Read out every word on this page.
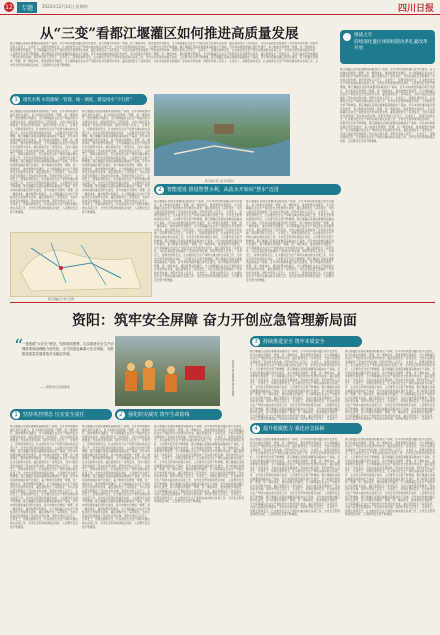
12	专题	2023年12月14日 星期四	四川日报
从“三变”看都江堰灌区如何推进高质量发展
都江堰灌区是国家重要商品粮油生产基地，近年来持续推进灌区现代化建设，着力构建水资源统一管理、统一调度体系，推进智慧水利建设，全力保障灌区农业生产和经济社会发展用水需求，灌区面貌发生了深刻变化，为四川高质量发展提供了坚实的水利支撑。资阳市坚持人民至上、生命至上，统筹发展和安全，扎实推进安全生产和防灾减灾救灾各项工作，全市安全形势持续稳定向好，人民群众安全感不断增强。都江堰灌区是国家重要商品粮油生产基地，近年来持续推进灌区现代化建设，着力构建水资源统一管理、统一调度体系，推进智慧水利建设，全力保障灌区农业生产和经济社会发展用水需求，灌区面貌发生了深刻变化，为四川高质量发展提供了坚实的水利支撑。资阳市坚持人民至上、生命至上，统筹发展和安全，扎实推进安全生产和防灾减灾救灾各项工作，全市安全形势持续稳定向好，人民群众安全感不断增强。都江堰灌区是国家重要商品粮油生产基地，近年来持续推进灌区现代化建设，着力构建水资源统一管理、统一调度体系，推进智慧水利建设，全力保障灌区农业生产和经济社会发展用水需求，灌区面貌发生了深刻变化，为四川高质量发展提供了坚实的水利支撑。资阳市坚持人民至上、生命至上，统筹发展和安全，扎实推进安全生产和防灾减灾救灾各项工作，全市安全形势持续稳定向好，人民群众安全感不断增强。都江堰灌区是国家重要商品粮油生产基地，近年来持续推进灌区现代化建设，着力构建水资源统一管理、统一调度体系，推进智慧水利建设，全力保障灌区农业生产和经济社会发展用水需求，灌区面貌发生了深刻变化，为四川高质量发展提供了坚实的水利支撑。资阳市坚持人民至上、生命至上，统筹发展和安全，扎实推进安全生产和防灾减灾救灾各项工作，全市安全形势持续稳定向好，人民群众安全感不断增强。
挑战之年
持续深化灌区体制机制改革扎紧改革开放
1	现代水利 水资源统一管理、统一调度、建设用水“不打折”
都江堰灌区是国家重要商品粮油生产基地，近年来持续推进灌区现代化建设，着力构建水资源统一管理、统一调度体系，推进智慧水利建设，全力保障灌区农业生产和经济社会发展用水需求，灌区面貌发生了深刻变化，为四川高质量发展提供了坚实的水利支撑。资阳市坚持人民至上、生命至上，统筹发展和安全，扎实推进安全生产和防灾减灾救灾各项工作，全市安全形势持续稳定向好，人民群众安全感不断增强。都江堰灌区是国家重要商品粮油生产基地，近年来持续推进灌区现代化建设，着力构建水资源统一管理、统一调度体系，推进智慧水利建设，全力保障灌区农业生产和经济社会发展用水需求，灌区面貌发生了深刻变化，为四川高质量发展提供了坚实的水利支撑。资阳市坚持人民至上、生命至上，统筹发展和安全，扎实推进安全生产和防灾减灾救灾各项工作，全市安全形势持续稳定向好，人民群众安全感不断增强。都江堰灌区是国家重要商品粮油生产基地，近年来持续推进灌区现代化建设，着力构建水资源统一管理、统一调度体系，推进智慧水利建设，全力保障灌区农业生产和经济社会发展用水需求，灌区面貌发生了深刻变化，为四川高质量发展提供了坚实的水利支撑。资阳市坚持人民至上、生命至上，统筹发展和安全，扎实推进安全生产和防灾减灾救灾各项工作，全市安全形势持续稳定向好，人民群众安全感不断增强。都江堰灌区是国家重要商品粮油生产基地，近年来持续推进灌区现代化建设，着力构建水资源统一管理、统一调度体系，推进智慧水利建设，全力保障灌区农业生产和经济社会发展用水需求，灌区面貌发生了深刻变化，为四川高质量发展提供了坚实的水利支撑。资阳市坚持人民至上、生命至上，统筹发展和安全，扎实推进安全生产和防灾减灾救灾各项工作，全市安全形势持续稳定向好，人民群众安全感不断增强。
都江堰灌区是国家重要商品粮油生产基地，近年来持续推进灌区现代化建设，着力构建水资源统一管理、统一调度体系，推进智慧水利建设，全力保障灌区农业生产和经济社会发展用水需求，灌区面貌发生了深刻变化，为四川高质量发展提供了坚实的水利支撑。资阳市坚持人民至上、生命至上，统筹发展和安全，扎实推进安全生产和防灾减灾救灾各项工作，全市安全形势持续稳定向好，人民群众安全感不断增强。都江堰灌区是国家重要商品粮油生产基地，近年来持续推进灌区现代化建设，着力构建水资源统一管理、统一调度体系，推进智慧水利建设，全力保障灌区农业生产和经济社会发展用水需求，灌区面貌发生了深刻变化，为四川高质量发展提供了坚实的水利支撑。资阳市坚持人民至上、生命至上，统筹发展和安全，扎实推进安全生产和防灾减灾救灾各项工作，全市安全形势持续稳定向好，人民群众安全感不断增强。都江堰灌区是国家重要商品粮油生产基地，近年来持续推进灌区现代化建设，着力构建水资源统一管理、统一调度体系，推进智慧水利建设，全力保障灌区农业生产和经济社会发展用水需求，灌区面貌发生了深刻变化，为四川高质量发展提供了坚实的水利支撑。资阳市坚持人民至上、生命至上，统筹发展和安全，扎实推进安全生产和防灾减灾救灾各项工作，全市安全形势持续稳定向好，人民群众安全感不断增强。都江堰灌区是国家重要商品粮油生产基地，近年来持续推进灌区现代化建设，着力构建水资源统一管理、统一调度体系，推进智慧水利建设，全力保障灌区农业生产和经济社会发展用水需求，灌区面貌发生了深刻变化，为四川高质量发展提供了坚实的水利支撑。资阳市坚持人民至上、生命至上，统筹发展和安全，扎实推进安全生产和防灾减灾救灾各项工作，全市安全形势持续稳定向好，人民群众安全感不断增强。
都江堰灌区分布示意图
都江堰水利工程 资料图片
2	智能建设 推进智慧水利，从流水开始向“慧水”迈进
都江堰灌区是国家重要商品粮油生产基地，近年来持续推进灌区现代化建设，着力构建水资源统一管理、统一调度体系，推进智慧水利建设，全力保障灌区农业生产和经济社会发展用水需求，灌区面貌发生了深刻变化，为四川高质量发展提供了坚实的水利支撑。资阳市坚持人民至上、生命至上，统筹发展和安全，扎实推进安全生产和防灾减灾救灾各项工作，全市安全形势持续稳定向好，人民群众安全感不断增强。都江堰灌区是国家重要商品粮油生产基地，近年来持续推进灌区现代化建设，着力构建水资源统一管理、统一调度体系，推进智慧水利建设，全力保障灌区农业生产和经济社会发展用水需求，灌区面貌发生了深刻变化，为四川高质量发展提供了坚实的水利支撑。资阳市坚持人民至上、生命至上，统筹发展和安全，扎实推进安全生产和防灾减灾救灾各项工作，全市安全形势持续稳定向好，人民群众安全感不断增强。都江堰灌区是国家重要商品粮油生产基地，近年来持续推进灌区现代化建设，着力构建水资源统一管理、统一调度体系，推进智慧水利建设，全力保障灌区农业生产和经济社会发展用水需求，灌区面貌发生了深刻变化，为四川高质量发展提供了坚实的水利支撑。资阳市坚持人民至上、生命至上，统筹发展和安全，扎实推进安全生产和防灾减灾救灾各项工作，全市安全形势持续稳定向好，人民群众安全感不断增强。都江堰灌区是国家重要商品粮油生产基地，近年来持续推进灌区现代化建设，着力构建水资源统一管理、统一调度体系，推进智慧水利建设，全力保障灌区农业生产和经济社会发展用水需求，灌区面貌发生了深刻变化，为四川高质量发展提供了坚实的水利支撑。资阳市坚持人民至上、生命至上，统筹发展和安全，扎实推进安全生产和防灾减灾救灾各项工作，全市安全形势持续稳定向好，人民群众安全感不断增强。
都江堰灌区是国家重要商品粮油生产基地，近年来持续推进灌区现代化建设，着力构建水资源统一管理、统一调度体系，推进智慧水利建设，全力保障灌区农业生产和经济社会发展用水需求，灌区面貌发生了深刻变化，为四川高质量发展提供了坚实的水利支撑。资阳市坚持人民至上、生命至上，统筹发展和安全，扎实推进安全生产和防灾减灾救灾各项工作，全市安全形势持续稳定向好，人民群众安全感不断增强。都江堰灌区是国家重要商品粮油生产基地，近年来持续推进灌区现代化建设，着力构建水资源统一管理、统一调度体系，推进智慧水利建设，全力保障灌区农业生产和经济社会发展用水需求，灌区面貌发生了深刻变化，为四川高质量发展提供了坚实的水利支撑。资阳市坚持人民至上、生命至上，统筹发展和安全，扎实推进安全生产和防灾减灾救灾各项工作，全市安全形势持续稳定向好，人民群众安全感不断增强。都江堰灌区是国家重要商品粮油生产基地，近年来持续推进灌区现代化建设，着力构建水资源统一管理、统一调度体系，推进智慧水利建设，全力保障灌区农业生产和经济社会发展用水需求，灌区面貌发生了深刻变化，为四川高质量发展提供了坚实的水利支撑。资阳市坚持人民至上、生命至上，统筹发展和安全，扎实推进安全生产和防灾减灾救灾各项工作，全市安全形势持续稳定向好，人民群众安全感不断增强。都江堰灌区是国家重要商品粮油生产基地，近年来持续推进灌区现代化建设，着力构建水资源统一管理、统一调度体系，推进智慧水利建设，全力保障灌区农业生产和经济社会发展用水需求，灌区面貌发生了深刻变化，为四川高质量发展提供了坚实的水利支撑。资阳市坚持人民至上、生命至上，统筹发展和安全，扎实推进安全生产和防灾减灾救灾各项工作，全市安全形势持续稳定向好，人民群众安全感不断增强。
都江堰灌区是国家重要商品粮油生产基地，近年来持续推进灌区现代化建设，着力构建水资源统一管理、统一调度体系，推进智慧水利建设，全力保障灌区农业生产和经济社会发展用水需求，灌区面貌发生了深刻变化，为四川高质量发展提供了坚实的水利支撑。资阳市坚持人民至上、生命至上，统筹发展和安全，扎实推进安全生产和防灾减灾救灾各项工作，全市安全形势持续稳定向好，人民群众安全感不断增强。都江堰灌区是国家重要商品粮油生产基地，近年来持续推进灌区现代化建设，着力构建水资源统一管理、统一调度体系，推进智慧水利建设，全力保障灌区农业生产和经济社会发展用水需求，灌区面貌发生了深刻变化，为四川高质量发展提供了坚实的水利支撑。资阳市坚持人民至上、生命至上，统筹发展和安全，扎实推进安全生产和防灾减灾救灾各项工作，全市安全形势持续稳定向好，人民群众安全感不断增强。都江堰灌区是国家重要商品粮油生产基地，近年来持续推进灌区现代化建设，着力构建水资源统一管理、统一调度体系，推进智慧水利建设，全力保障灌区农业生产和经济社会发展用水需求，灌区面貌发生了深刻变化，为四川高质量发展提供了坚实的水利支撑。资阳市坚持人民至上、生命至上，统筹发展和安全，扎实推进安全生产和防灾减灾救灾各项工作，全市安全形势持续稳定向好，人民群众安全感不断增强。都江堰灌区是国家重要商品粮油生产基地，近年来持续推进灌区现代化建设，着力构建水资源统一管理、统一调度体系，推进智慧水利建设，全力保障灌区农业生产和经济社会发展用水需求，灌区面貌发生了深刻变化，为四川高质量发展提供了坚实的水利支撑。资阳市坚持人民至上、生命至上，统筹发展和安全，扎实推进安全生产和防灾减灾救灾各项工作，全市安全形势持续稳定向好，人民群众安全感不断增强。
资阳：筑牢安全屏障 奋力开创应急管理新局面
“
一是按照“大安全”理念，坚持底线思维，扎实推进安全生产治理体系和治理能力现代化，全力防范化解重大安全风险，为资阳高质量发展营造安全稳定环境。
——资阳市应急管理局	资阳市应急管理局开展应急演练
3	持续推进安全 筑牢本质安全
都江堰灌区是国家重要商品粮油生产基地，近年来持续推进灌区现代化建设，着力构建水资源统一管理、统一调度体系，推进智慧水利建设，全力保障灌区农业生产和经济社会发展用水需求，灌区面貌发生了深刻变化，为四川高质量发展提供了坚实的水利支撑。资阳市坚持人民至上、生命至上，统筹发展和安全，扎实推进安全生产和防灾减灾救灾各项工作，全市安全形势持续稳定向好，人民群众安全感不断增强。都江堰灌区是国家重要商品粮油生产基地，近年来持续推进灌区现代化建设，着力构建水资源统一管理、统一调度体系，推进智慧水利建设，全力保障灌区农业生产和经济社会发展用水需求，灌区面貌发生了深刻变化，为四川高质量发展提供了坚实的水利支撑。资阳市坚持人民至上、生命至上，统筹发展和安全，扎实推进安全生产和防灾减灾救灾各项工作，全市安全形势持续稳定向好，人民群众安全感不断增强。都江堰灌区是国家重要商品粮油生产基地，近年来持续推进灌区现代化建设，着力构建水资源统一管理、统一调度体系，推进智慧水利建设，全力保障灌区农业生产和经济社会发展用水需求，灌区面貌发生了深刻变化，为四川高质量发展提供了坚实的水利支撑。资阳市坚持人民至上、生命至上，统筹发展和安全，扎实推进安全生产和防灾减灾救灾各项工作，全市安全形势持续稳定向好，人民群众安全感不断增强。都江堰灌区是国家重要商品粮油生产基地，近年来持续推进灌区现代化建设，着力构建水资源统一管理、统一调度体系，推进智慧水利建设，全力保障灌区农业生产和经济社会发展用水需求，灌区面貌发生了深刻变化，为四川高质量发展提供了坚实的水利支撑。资阳市坚持人民至上、生命至上，
都江堰灌区是国家重要商品粮油生产基地，近年来持续推进灌区现代化建设，着力构建水资源统一管理、统一调度体系，推进智慧水利建设，全力保障灌区农业生产和经济社会发展用水需求，灌区面貌发生了深刻变化，为四川高质量发展提供了坚实的水利支撑。资阳市坚持人民至上、生命至上，统筹发展和安全，扎实推进安全生产和防灾减灾救灾各项工作，全市安全形势持续稳定向好，人民群众安全感不断增强。都江堰灌区是国家重要商品粮油生产基地，近年来持续推进灌区现代化建设，着力构建水资源统一管理、统一调度体系，推进智慧水利建设，全力保障灌区农业生产和经济社会发展用水需求，灌区面貌发生了深刻变化，为四川高质量发展提供了坚实的水利支撑。资阳市坚持人民至上、生命至上，统筹发展和安全，扎实推进安全生产和防灾减灾救灾各项工作，全市安全形势持续稳定向好，人民群众安全感不断增强。都江堰灌区是国家重要商品粮油生产基地，近年来持续推进灌区现代化建设，着力构建水资源统一管理、统一调度体系，推进智慧水利建设，全力保障灌区农业生产和经济社会发展用水需求，灌区面貌发生了深刻变化，为四川高质量发展提供了坚实的水利支撑。资阳市坚持人民至上、生命至上，统筹发展和安全，扎实推进安全生产和防灾减灾救灾各项工作，全市安全形势持续稳定向好，人民群众安全感不断增强。都江堰灌区是国家重要商品粮油生产基地，近年来持续推进灌区现代化建设，着力构建水资源统一管理、统一调度体系，推进智慧水利建设，全力保障灌区农业生产和经济社会发展用水需求，灌区面貌发生了深刻变化，为四川高质量发展提供了坚实的水利支撑。资阳市坚持人民至上、生命至上，
1	坚持风控理念 压实安全责任	2	强化防灾减灾 筑牢生命防线
4	提升救援能力 强化应急保障
都江堰灌区是国家重要商品粮油生产基地，近年来持续推进灌区现代化建设，着力构建水资源统一管理、统一调度体系，推进智慧水利建设，全力保障灌区农业生产和经济社会发展用水需求，灌区面貌发生了深刻变化，为四川高质量发展提供了坚实的水利支撑。资阳市坚持人民至上、生命至上，统筹发展和安全，扎实推进安全生产和防灾减灾救灾各项工作，全市安全形势持续稳定向好，人民群众安全感不断增强。都江堰灌区是国家重要商品粮油生产基地，近年来持续推进灌区现代化建设，着力构建水资源统一管理、统一调度体系，推进智慧水利建设，全力保障灌区农业生产和经济社会发展用水需求，灌区面貌发生了深刻变化，为四川高质量发展提供了坚实的水利支撑。资阳市坚持人民至上、生命至上，统筹发展和安全，扎实推进安全生产和防灾减灾救灾各项工作，全市安全形势持续稳定向好，人民群众安全感不断增强。都江堰灌区是国家重要商品粮油生产基地，近年来持续推进灌区现代化建设，着力构建水资源统一管理、统一调度体系，推进智慧水利建设，全力保障灌区农业生产和经济社会发展用水需求，灌区面貌发生了深刻变化，为四川高质量发展提供了坚实的水利支撑。资阳市坚持人民至上、生命至上，统筹发展和安全，扎实推进安全生产和防灾减灾救灾各项工作，全市安全形势持续稳定向好，人民群众安全感不断增强。都江堰灌区是国家重要商品粮油生产基地，近年来持续推进灌区现代化建设，着力构建水资源统一管理、统一调度体系，推进智慧水利建设，全力保障灌区农业生产和经济社会发展用水需求，灌区面貌发生了深刻变化，为四川高质量发展提供了坚实的水利支撑。资阳市坚持人民至上、生命至上，统筹发展和安全，扎实推进安全生产和防灾减灾救灾各项工作，全市安全形势持续稳定向好，人民群众安全感不断增强。
都江堰灌区是国家重要商品粮油生产基地，近年来持续推进灌区现代化建设，着力构建水资源统一管理、统一调度体系，推进智慧水利建设，全力保障灌区农业生产和经济社会发展用水需求，灌区面貌发生了深刻变化，为四川高质量发展提供了坚实的水利支撑。资阳市坚持人民至上、生命至上，统筹发展和安全，扎实推进安全生产和防灾减灾救灾各项工作，全市安全形势持续稳定向好，人民群众安全感不断增强。都江堰灌区是国家重要商品粮油生产基地，近年来持续推进灌区现代化建设，着力构建水资源统一管理、统一调度体系，推进智慧水利建设，全力保障灌区农业生产和经济社会发展用水需求，灌区面貌发生了深刻变化，为四川高质量发展提供了坚实的水利支撑。资阳市坚持人民至上、生命至上，统筹发展和安全，扎实推进安全生产和防灾减灾救灾各项工作，全市安全形势持续稳定向好，人民群众安全感不断增强。都江堰灌区是国家重要商品粮油生产基地，近年来持续推进灌区现代化建设，着力构建水资源统一管理、统一调度体系，推进智慧水利建设，全力保障灌区农业生产和经济社会发展用水需求，灌区面貌发生了深刻变化，为四川高质量发展提供了坚实的水利支撑。资阳市坚持人民至上、生命至上，统筹发展和安全，扎实推进安全生产和防灾减灾救灾各项工作，全市安全形势持续稳定向好，人民群众安全感不断增强。都江堰灌区是国家重要商品粮油生产基地，近年来持续推进灌区现代化建设，着力构建水资源统一管理、统一调度体系，推进智慧水利建设，全力保障灌区农业生产和经济社会发展用水需求，灌区面貌发生了深刻变化，为四川高质量发展提供了坚实的水利支撑。资阳市坚持人民至上、生命至上，统筹发展和安全，扎实推进安全生产和防灾减灾救灾各项工作，全市安全形势持续稳定向好，人民群众安全感不断增强。
都江堰灌区是国家重要商品粮油生产基地，近年来持续推进灌区现代化建设，着力构建水资源统一管理、统一调度体系，推进智慧水利建设，全力保障灌区农业生产和经济社会发展用水需求，灌区面貌发生了深刻变化，为四川高质量发展提供了坚实的水利支撑。资阳市坚持人民至上、生命至上，统筹发展和安全，扎实推进安全生产和防灾减灾救灾各项工作，全市安全形势持续稳定向好，人民群众安全感不断增强。都江堰灌区是国家重要商品粮油生产基地，近年来持续推进灌区现代化建设，着力构建水资源统一管理、统一调度体系，推进智慧水利建设，全力保障灌区农业生产和经济社会发展用水需求，灌区面貌发生了深刻变化，为四川高质量发展提供了坚实的水利支撑。资阳市坚持人民至上、生命至上，统筹发展和安全，扎实推进安全生产和防灾减灾救灾各项工作，全市安全形势持续稳定向好，人民群众安全感不断增强。都江堰灌区是国家重要商品粮油生产基地，近年来持续推进灌区现代化建设，着力构建水资源统一管理、统一调度体系，推进智慧水利建设，全力保障灌区农业生产和经济社会发展用水需求，灌区面貌发生了深刻变化，为四川高质量发展提供了坚实的水利支撑。资阳市坚持人民至上、生命至上，统筹发展和安全，扎实推进安全生产和防灾减灾救灾各项工作，全市安全形势持续稳定向好，人民群众安全感不断增强。都江堰灌区是国家重要商品粮油生产基地，近年来持续推进灌区现代化建设，着力构建水资源统一管理、统一调度体系，推进智慧水利建设，全力保障灌区农业生产和经济社会发展用水需求，灌区面貌发生了深刻变化，为四川高质量发展提供了坚实的水利支撑。资阳市坚持人民至上、生命至上，统筹发展和安全，扎实推进安全生产和防灾减灾救灾各项工作，全市安全形势持续稳定向好，人民群众安全感不断增强。
都江堰灌区是国家重要商品粮油生产基地，近年来持续推进灌区现代化建设，着力构建水资源统一管理、统一调度体系，推进智慧水利建设，全力保障灌区农业生产和经济社会发展用水需求，灌区面貌发生了深刻变化，为四川高质量发展提供了坚实的水利支撑。资阳市坚持人民至上、生命至上，统筹发展和安全，扎实推进安全生产和防灾减灾救灾各项工作，全市安全形势持续稳定向好，人民群众安全感不断增强。都江堰灌区是国家重要商品粮油生产基地，近年来持续推进灌区现代化建设，着力构建水资源统一管理、统一调度体系，推进智慧水利建设，全力保障灌区农业生产和经济社会发展用水需求，灌区面貌发生了深刻变化，为四川高质量发展提供了坚实的水利支撑。资阳市坚持人民至上、生命至上，统筹发展和安全，扎实推进安全生产和防灾减灾救灾各项工作，全市安全形势持续稳定向好，人民群众安全感不断增强。都江堰灌区是国家重要商品粮油生产基地，近年来持续推进灌区现代化建设，着力构建水资源统一管理、统一调度体系，推进智慧水利建设，全力保障灌区农业生产和经济社会发展用水需求，灌区面貌发生了深刻变化，为四川高质量发展提供了坚实的水利支撑。资阳市坚持人民至上、生命至上，统筹发展和安全，扎实推进安全生产和防灾减灾救灾各项工作，全市安全形势持续稳定向好，人民群众安全感不断增强。都江堰灌区是国家重要商品粮油生产基地，近年来持续推进灌区现代化建设，着力构建水资源统一管理、统一调度体系，推进智慧水利建设，全力保障灌区农业生产和经济社会发展用水需求，灌区面貌发生了深刻变化，为四川高质量发展提供了坚实的水利支撑。资阳市坚持人民至上、生命至上，统筹发展和安全，扎实推进安全生产和防灾减灾救灾各项工作，全市安全形势持续稳定向好，人民群众安全感不断增强。
都江堰灌区是国家重要商品粮油生产基地，近年来持续推进灌区现代化建设，着力构建水资源统一管理、统一调度体系，推进智慧水利建设，全力保障灌区农业生产和经济社会发展用水需求，灌区面貌发生了深刻变化，为四川高质量发展提供了坚实的水利支撑。资阳市坚持人民至上、生命至上，统筹发展和安全，扎实推进安全生产和防灾减灾救灾各项工作，全市安全形势持续稳定向好，人民群众安全感不断增强。都江堰灌区是国家重要商品粮油生产基地，近年来持续推进灌区现代化建设，着力构建水资源统一管理、统一调度体系，推进智慧水利建设，全力保障灌区农业生产和经济社会发展用水需求，灌区面貌发生了深刻变化，为四川高质量发展提供了坚实的水利支撑。资阳市坚持人民至上、生命至上，统筹发展和安全，扎实推进安全生产和防灾减灾救灾各项工作，全市安全形势持续稳定向好，人民群众安全感不断增强。都江堰灌区是国家重要商品粮油生产基地，近年来持续推进灌区现代化建设，着力构建水资源统一管理、统一调度体系，推进智慧水利建设，全力保障灌区农业生产和经济社会发展用水需求，灌区面貌发生了深刻变化，为四川高质量发展提供了坚实的水利支撑。资阳市坚持人民至上、生命至上，统筹发展和安全，扎实推进安全生产和防灾减灾救灾各项工作，全市安全形势持续稳定向好，人民群众安全感不断增强。都江堰灌区是国家重要商品粮油生产基地，近年来持续推进灌区现代化建设，着力构建水资源统一管理、统一调度体系，推进智慧水利建设，全力保障灌区农业生产和经济社会发展用水需求，灌区面貌发生了深刻变化，为四川高质量发展提供了坚实的水利支撑。资阳市坚持人民至上、生命至上，统筹发展和安全，扎实推进安全生产和防灾减灾救灾各项工作，全市安全形势持续稳定向好，人民群众安全感不断增强。
